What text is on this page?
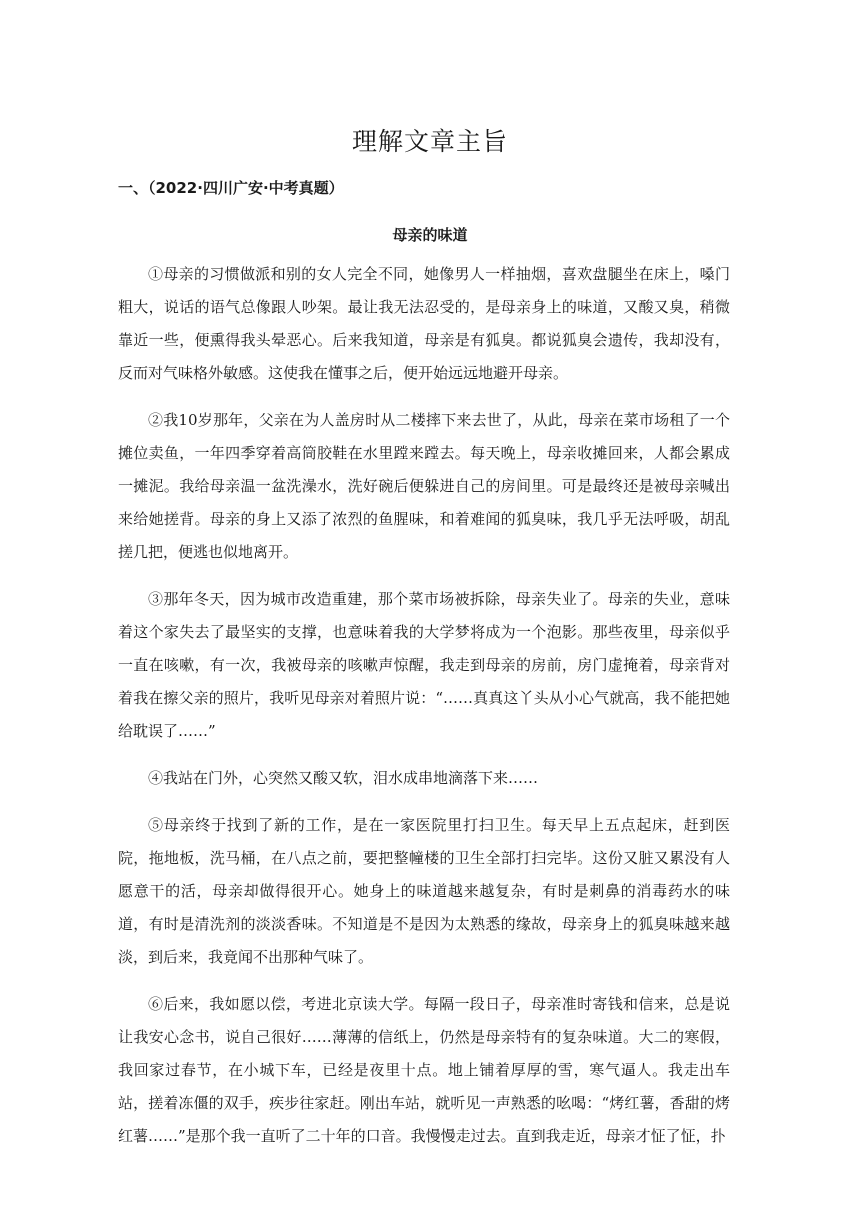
理解文章主旨
一、（2022·四川广安·中考真题）
母亲的味道

①母亲的习惯做派和别的女人完全不同，她像男人一样抽烟，喜欢盘腿坐在床上，嗓门粗大，说话的语气总像跟人吵架。最让我无法忍受的，是母亲身上的味道，又酸又臭，稍微靠近一些，便熏得我头晕恶心。后来我知道，母亲是有狐臭。都说狐臭会遗传，我却没有，反而对气味格外敏感。这使我在懂事之后，便开始远远地避开母亲。

②我10岁那年，父亲在为人盖房时从二楼摔下来去世了，从此，母亲在菜市场租了一个摊位卖鱼，一年四季穿着高筒胶鞋在水里蹚来蹚去。每天晚上，母亲收摊回来，人都会累成一摊泥。我给母亲温一盆洗澡水，洗好碗后便躲进自己的房间里。可是最终还是被母亲喊出来给她搓背。母亲的身上又添了浓烈的鱼腥味，和着难闻的狐臭味，我几乎无法呼吸，胡乱搓几把，便逃也似地离开。

③那年冬天，因为城市改造重建，那个菜市场被拆除，母亲失业了。母亲的失业，意味着这个家失去了最坚实的支撑，也意味着我的大学梦将成为一个泡影。那些夜里，母亲似乎一直在咳嗽，有一次，我被母亲的咳嗽声惊醒，我走到母亲的房前，房门虚掩着，母亲背对着我在擦父亲的照片，我听见母亲对着照片说：“……真真这丫头从小心气就高，我不能把她给耽误了……”

④我站在门外，心突然又酸又软，泪水成串地滴落下来……

⑤母亲终于找到了新的工作，是在一家医院里打扫卫生。每天早上五点起床，赶到医院，拖地板，洗马桶，在八点之前，要把整幢楼的卫生全部打扫完毕。这份又脏又累没有人愿意干的活，母亲却做得很开心。她身上的味道越来越复杂，有时是刺鼻的消毒药水的味道，有时是清洗剂的淡淡香味。不知道是不是因为太熟悉的缘故，母亲身上的狐臭味越来越淡，到后来，我竟闻不出那种气味了。

⑥后来，我如愿以偿，考进北京读大学。每隔一段日子，母亲准时寄钱和信来，总是说让我安心念书，说自己很好……薄薄的信纸上，仍然是母亲特有的复杂味道。大二的寒假，我回家过春节，在小城下车，已经是夜里十点。地上铺着厚厚的雪，寒气逼人。我走出车站，搓着冻僵的双手，疾步往家赶。刚出车站，就听见一声熟悉的吆喝：“烤红薯，香甜的烤红薯……”是那个我一直听了二十年的口音。我慢慢走过去。直到我走近，母亲才怔了怔，扑
